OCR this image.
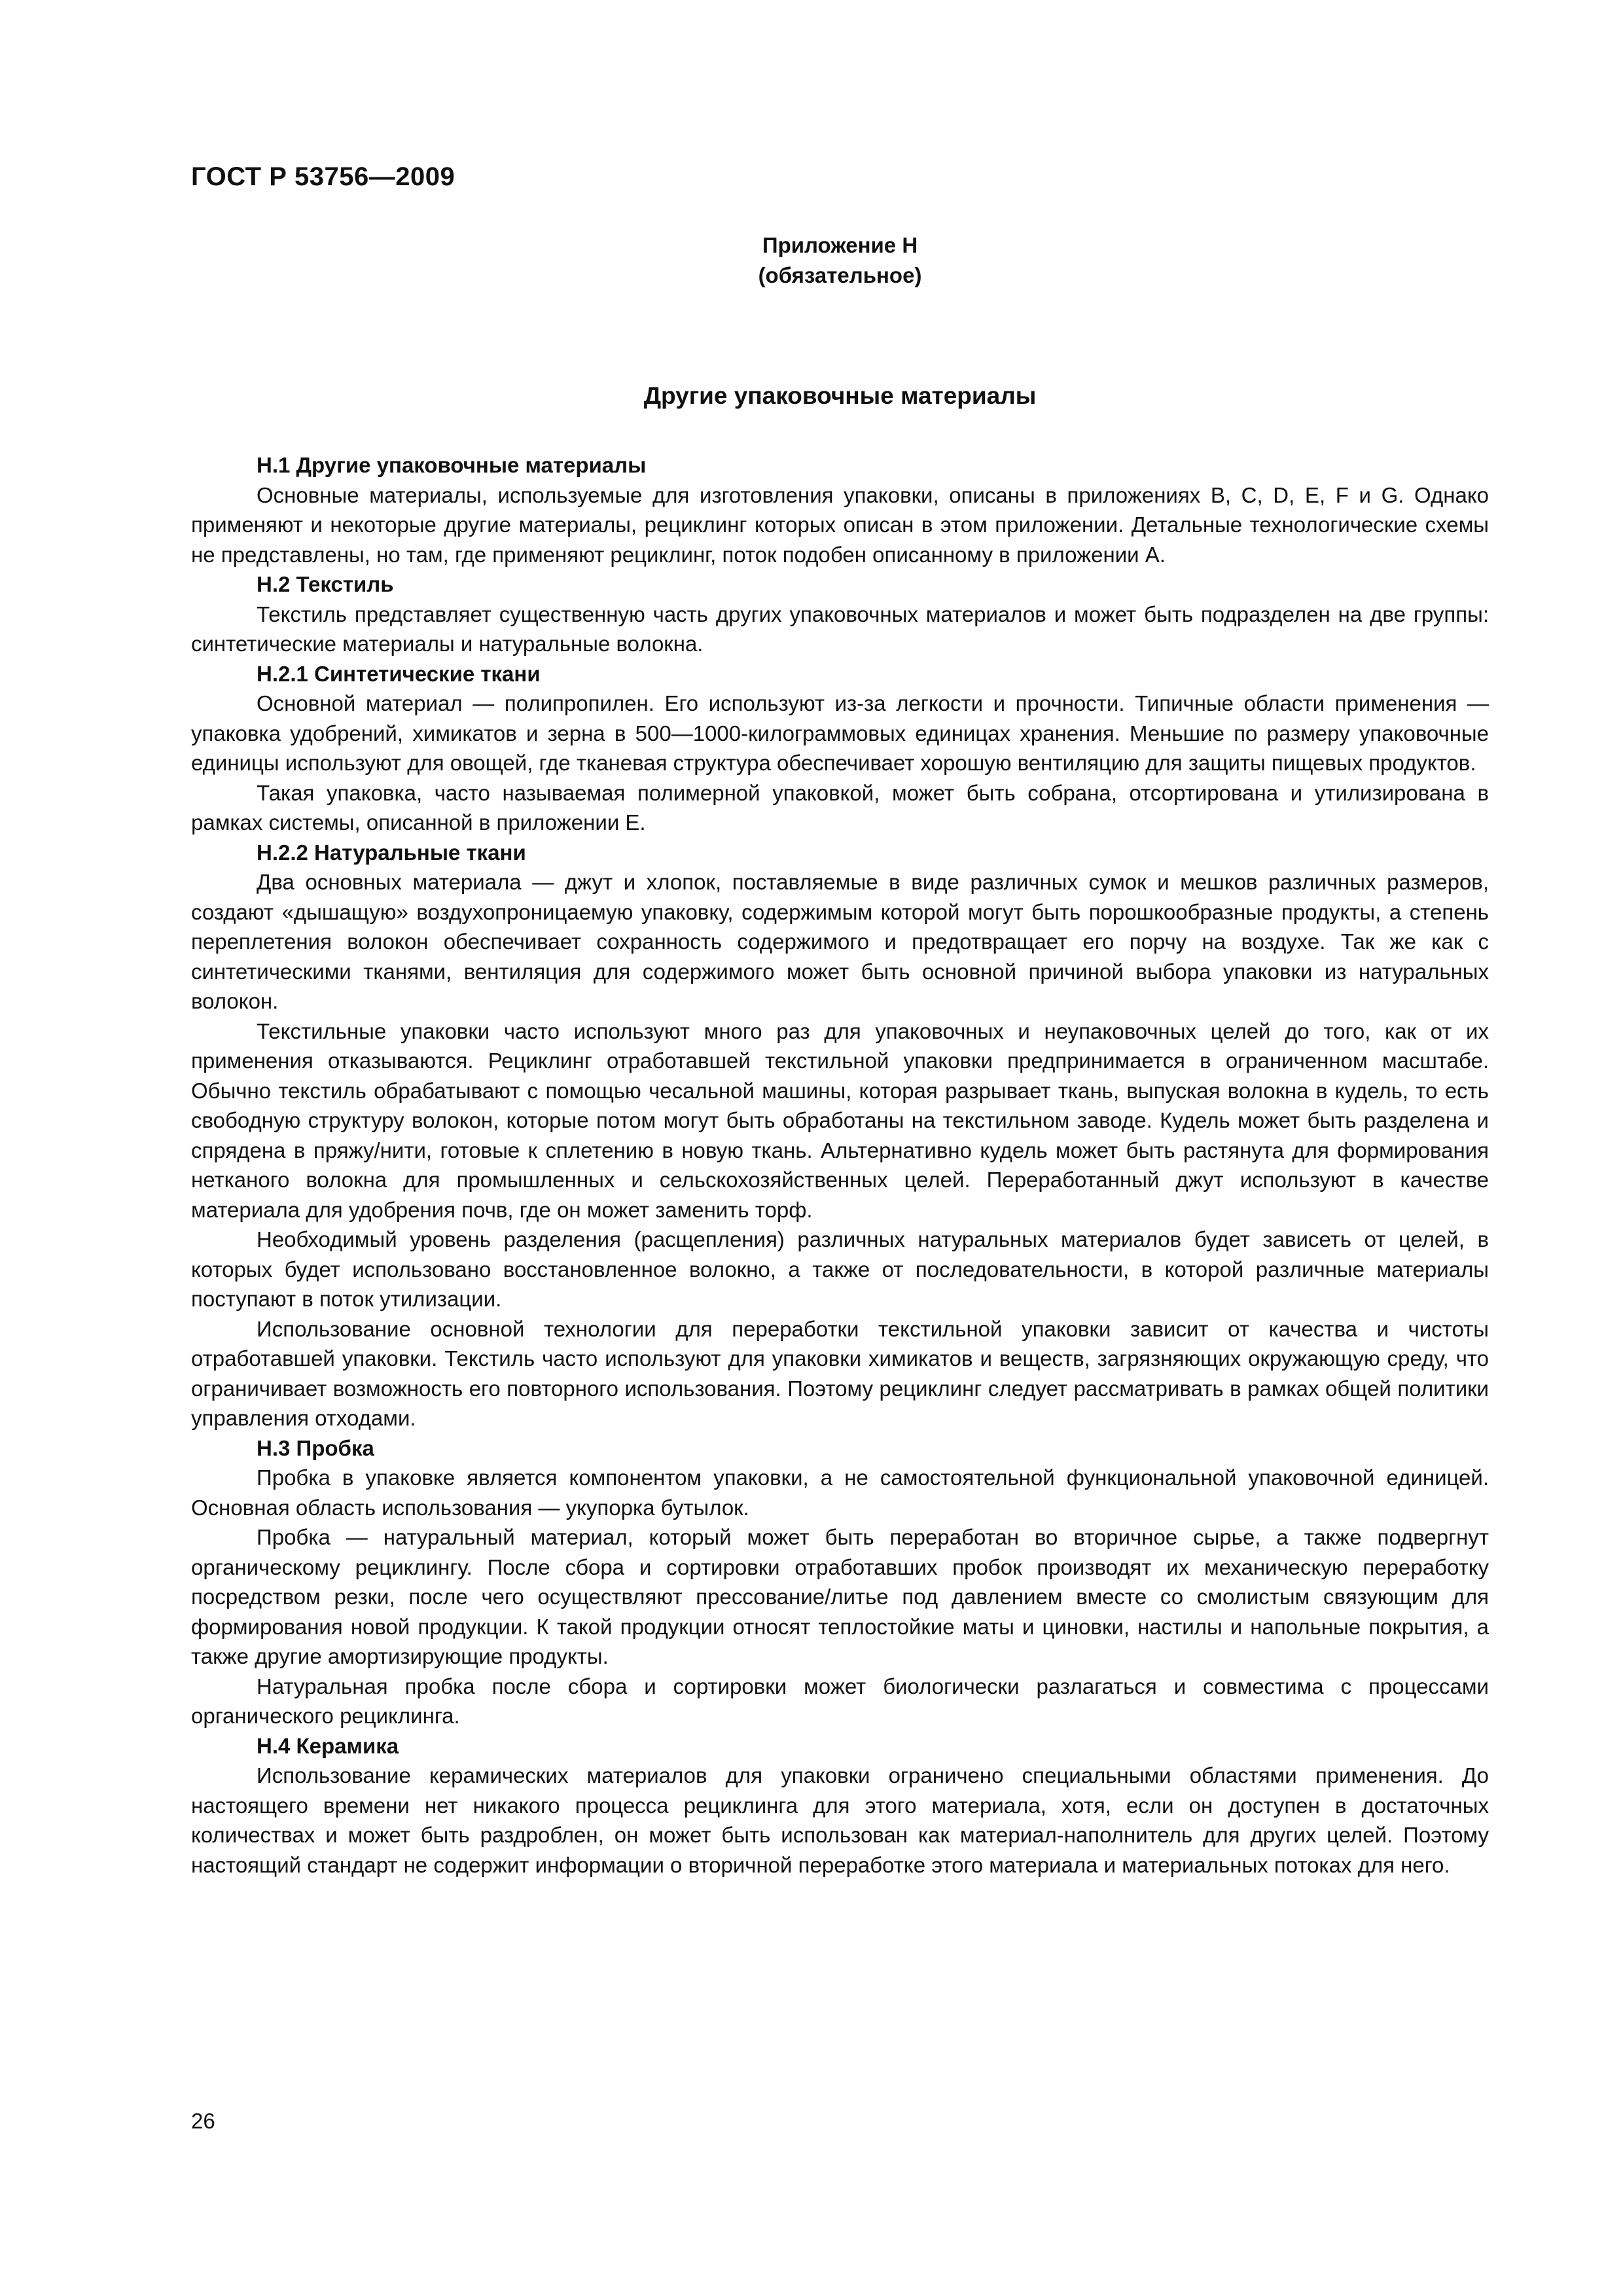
ГОСТ Р 53756—2009
Приложение Н
(обязательное)
Другие упаковочные материалы
Н.1 Другие упаковочные материалы

Основные материалы, используемые для изготовления упаковки, описаны в приложениях В, С, D, Е, F и G. Однако применяют и некоторые другие материалы, рециклинг которых описан в этом приложении. Детальные технологические схемы не представлены, но там, где применяют рециклинг, поток подобен описанному в приложении А.

Н.2 Текстиль

Текстиль представляет существенную часть других упаковочных материалов и может быть подразделен на две группы: синтетические материалы и натуральные волокна.

Н.2.1 Синтетические ткани

Основной материал — полипропилен. Его используют из-за легкости и прочности. Типичные области применения — упаковка удобрений, химикатов и зерна в 500—1000-килограммовых единицах хранения. Меньшие по размеру упаковочные единицы используют для овощей, где тканевая структура обеспечивает хорошую вентиляцию для защиты пищевых продуктов.

Такая упаковка, часто называемая полимерной упаковкой, может быть собрана, отсортирована и утилизирована в рамках системы, описанной в приложении Е.

Н.2.2 Натуральные ткани

Два основных материала — джут и хлопок, поставляемые в виде различных сумок и мешков различных размеров, создают «дышащую» воздухопроницаемую упаковку, содержимым которой могут быть порошкообразные продукты, а степень переплетения волокон обеспечивает сохранность содержимого и предотвращает его порчу на воздухе. Так же как с синтетическими тканями, вентиляция для содержимого может быть основной причиной выбора упаковки из натуральных волокон.

Текстильные упаковки часто используют много раз для упаковочных и неупаковочных целей до того, как от их применения отказываются. Рециклинг отработавшей текстильной упаковки предпринимается в ограниченном масштабе. Обычно текстиль обрабатывают с помощью чесальной машины, которая разрывает ткань, выпуская волокна в кудель, то есть свободную структуру волокон, которые потом могут быть обработаны на текстильном заводе. Кудель может быть разделена и спрядена в пряжу/нити, готовые к сплетению в новую ткань. Альтернативно кудель может быть растянута для формирования нетканого волокна для промышленных и сельскохозяйственных целей. Переработанный джут используют в качестве материала для удобрения почв, где он может заменить торф.

Необходимый уровень разделения (расщепления) различных натуральных материалов будет зависеть от целей, в которых будет использовано восстановленное волокно, а также от последовательности, в которой различные материалы поступают в поток утилизации.

Использование основной технологии для переработки текстильной упаковки зависит от качества и чистоты отработавшей упаковки. Текстиль часто используют для упаковки химикатов и веществ, загрязняющих окружающую среду, что ограничивает возможность его повторного использования. Поэтому рециклинг следует рассматривать в рамках общей политики управления отходами.

Н.3 Пробка

Пробка в упаковке является компонентом упаковки, а не самостоятельной функциональной упаковочной единицей. Основная область использования — укупорка бутылок.

Пробка — натуральный материал, который может быть переработан во вторичное сырье, а также подвергнут органическому рециклингу. После сбора и сортировки отработавших пробок производят их механическую переработку посредством резки, после чего осуществляют прессование/литье под давлением вместе со смолистым связующим для формирования новой продукции. К такой продукции относят теплостойкие маты и циновки, настилы и напольные покрытия, а также другие амортизирующие продукты.

Натуральная пробка после сбора и сортировки может биологически разлагаться и совместима с процессами органического рециклинга.

Н.4 Керамика

Использование керамических материалов для упаковки ограничено специальными областями применения. До настоящего времени нет никакого процесса рециклинга для этого материала, хотя, если он доступен в достаточных количествах и может быть раздроблен, он может быть использован как материал-наполнитель для других целей. Поэтому настоящий стандарт не содержит информации о вторичной переработке этого материала и материальных потоках для него.

26
